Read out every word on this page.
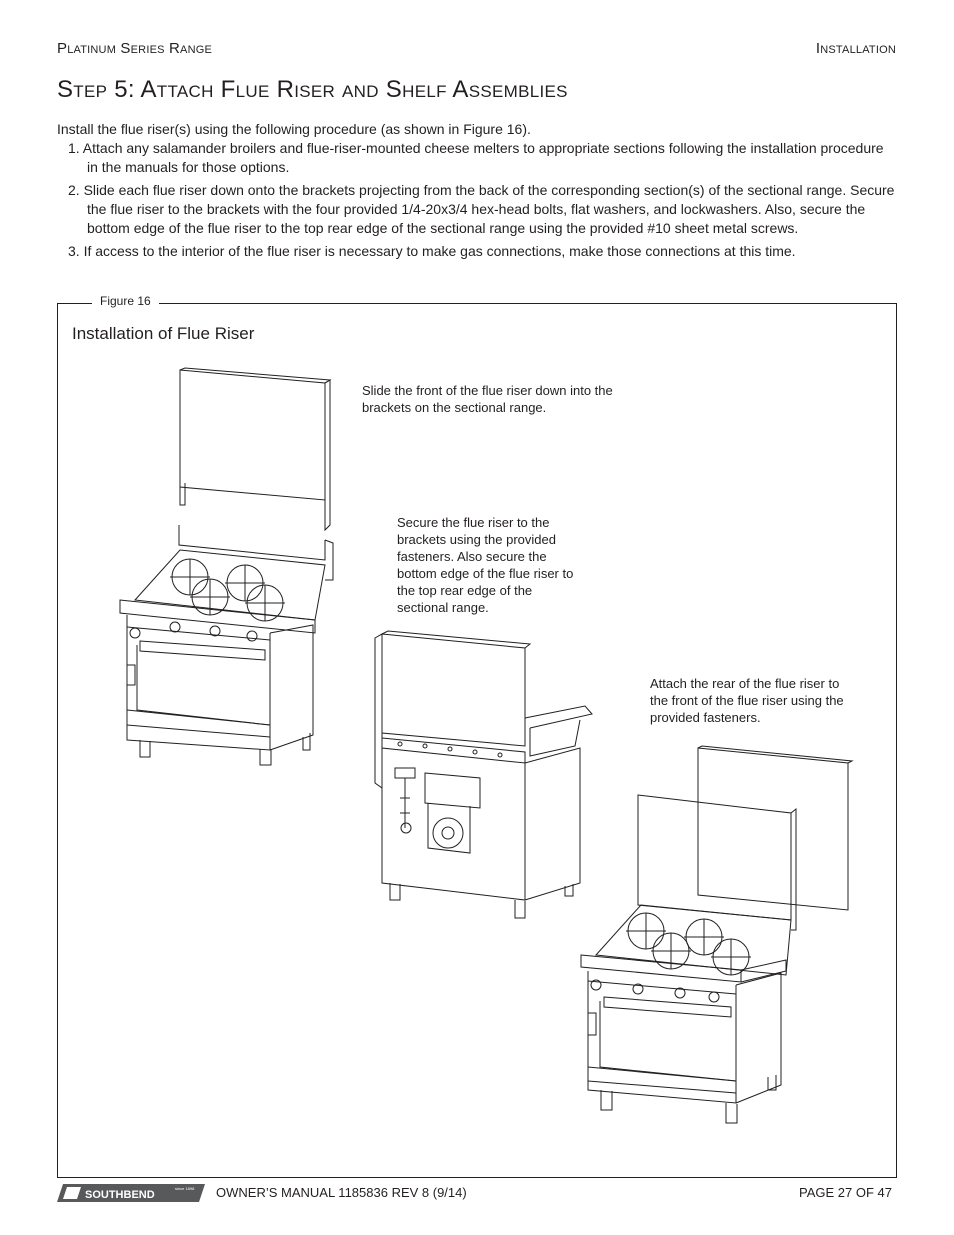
Platinum Series Range	Installation
Step 5: Attach Flue Riser and Shelf Assemblies
Install the flue riser(s) using the following procedure (as shown in Figure 16).
1. Attach any salamander broilers and flue-riser-mounted cheese melters to appropriate sections following the installation procedure in the manuals for those options.
2. Slide each flue riser down onto the brackets projecting from the back of the corresponding section(s) of the sectional range. Secure the flue riser to the brackets with the four provided 1/4-20x3/4 hex-head bolts, flat washers, and lockwashers. Also, secure the bottom edge of the flue riser to the top rear edge of the sectional range using the provided #10 sheet metal screws.
3. If access to the interior of the flue riser is necessary to make gas connections, make those connections at this time.
Figure 16
Installation of Flue Riser
Slide the front of the flue riser down into the brackets on the sectional range.
Secure the flue riser to the brackets using the provided fasteners. Also secure the bottom edge of the flue riser to the top rear edge of the sectional range.
Attach the rear of the flue riser to the front of the flue riser using the provided fasteners.
SOUTHBEND
since 1898 OWNER’S MANUAL 1185836 REV 8 (9/14)	PAGE 27 OF 47
